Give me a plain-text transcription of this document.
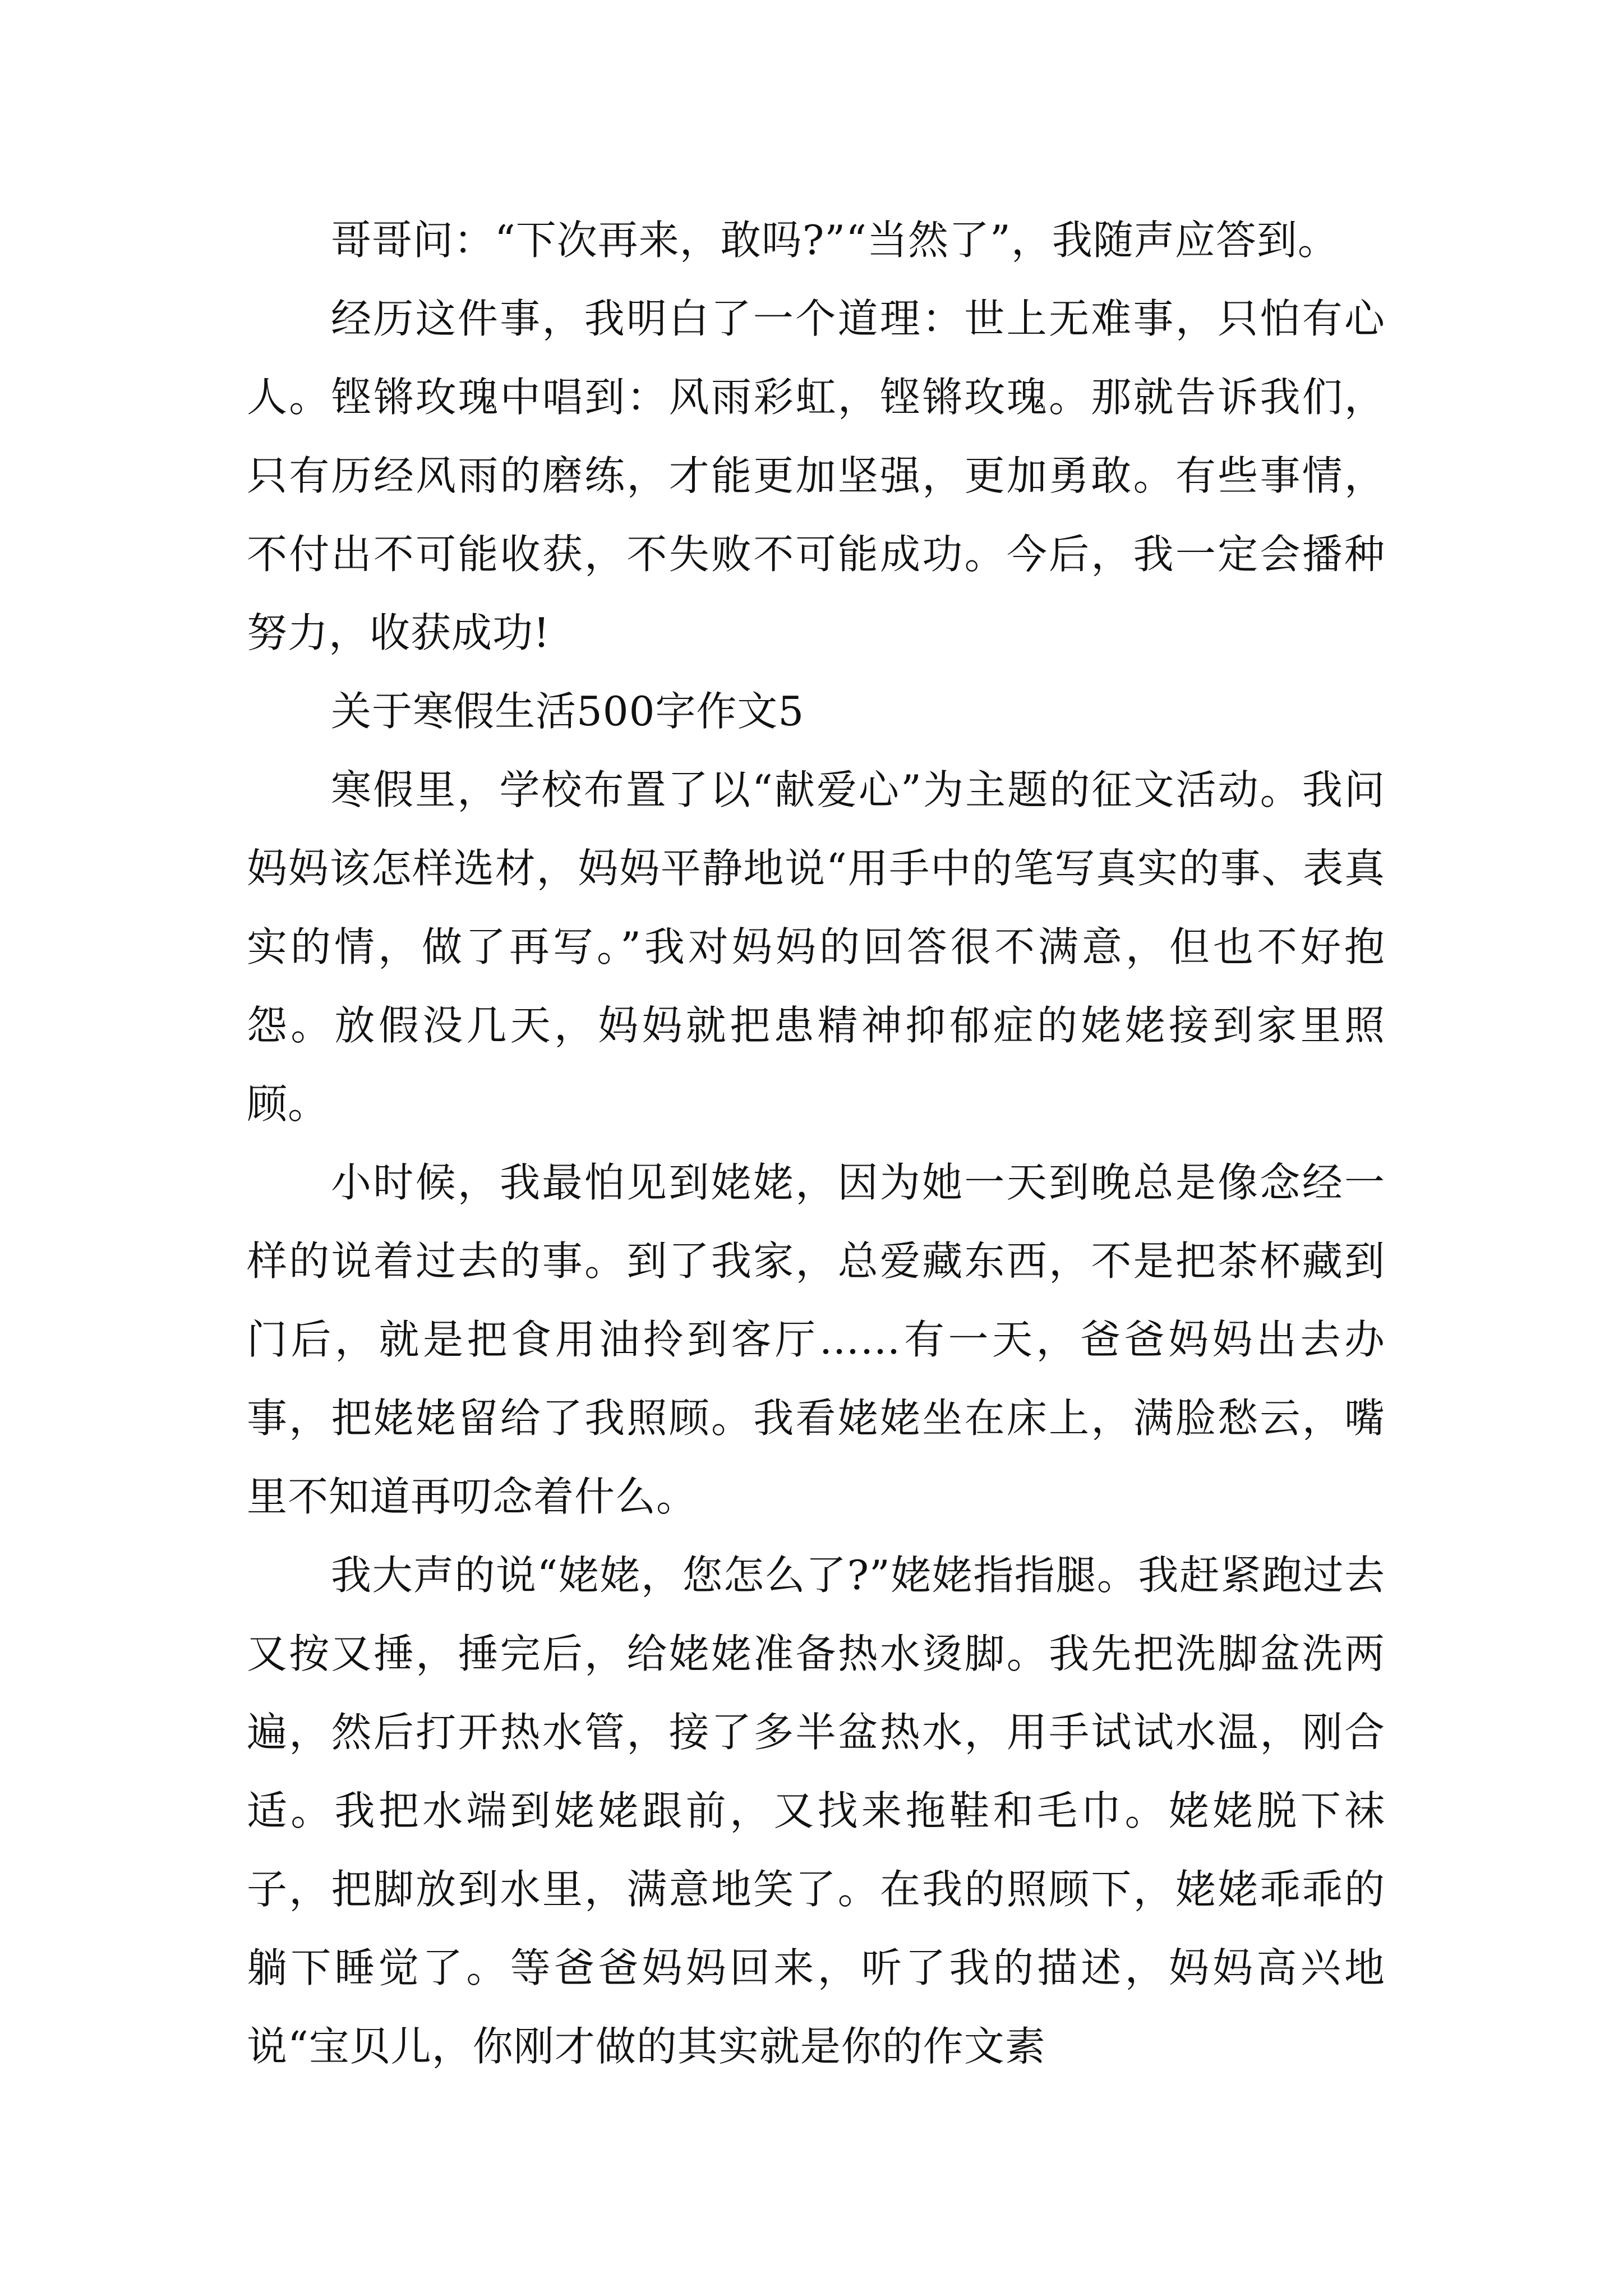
哥哥问：“下次再来，敢吗?”“当然了”，我随声应答到。

经历这件事，我明白了一个道理：世上无难事，只怕有心人。铿锵玫瑰中唱到：风雨彩虹，铿锵玫瑰。那就告诉我们，只有历经风雨的磨练，才能更加坚强，更加勇敢。有些事情，不付出不可能收获，不失败不可能成功。今后，我一定会播种努力，收获成功!

关于寒假生活500字作文5

寒假里，学校布置了以“献爱心”为主题的征文活动。我问妈妈该怎样选材，妈妈平静地说“用手中的笔写真实的事、表真实的情，做了再写。”我对妈妈的回答很不满意，但也不好抱怨。放假没几天，妈妈就把患精神抑郁症的姥姥接到家里照顾。

小时候，我最怕见到姥姥，因为她一天到晚总是像念经一样的说着过去的事。到了我家，总爱藏东西，不是把茶杯藏到门后，就是把食用油拎到客厅……有一天，爸爸妈妈出去办事，把姥姥留给了我照顾。我看姥姥坐在床上，满脸愁云，嘴里不知道再叨念着什么。

我大声的说“姥姥，您怎么了?”姥姥指指腿。我赶紧跑过去又按又捶，捶完后，给姥姥准备热水烫脚。我先把洗脚盆洗两遍，然后打开热水管，接了多半盆热水，用手试试水温，刚合适。我把水端到姥姥跟前，又找来拖鞋和毛巾。姥姥脱下袜子，把脚放到水里，满意地笑了。在我的照顾下，姥姥乖乖的躺下睡觉了。等爸爸妈妈回来，听了我的描述，妈妈高兴地说“宝贝儿，你刚才做的其实就是你的作文素
